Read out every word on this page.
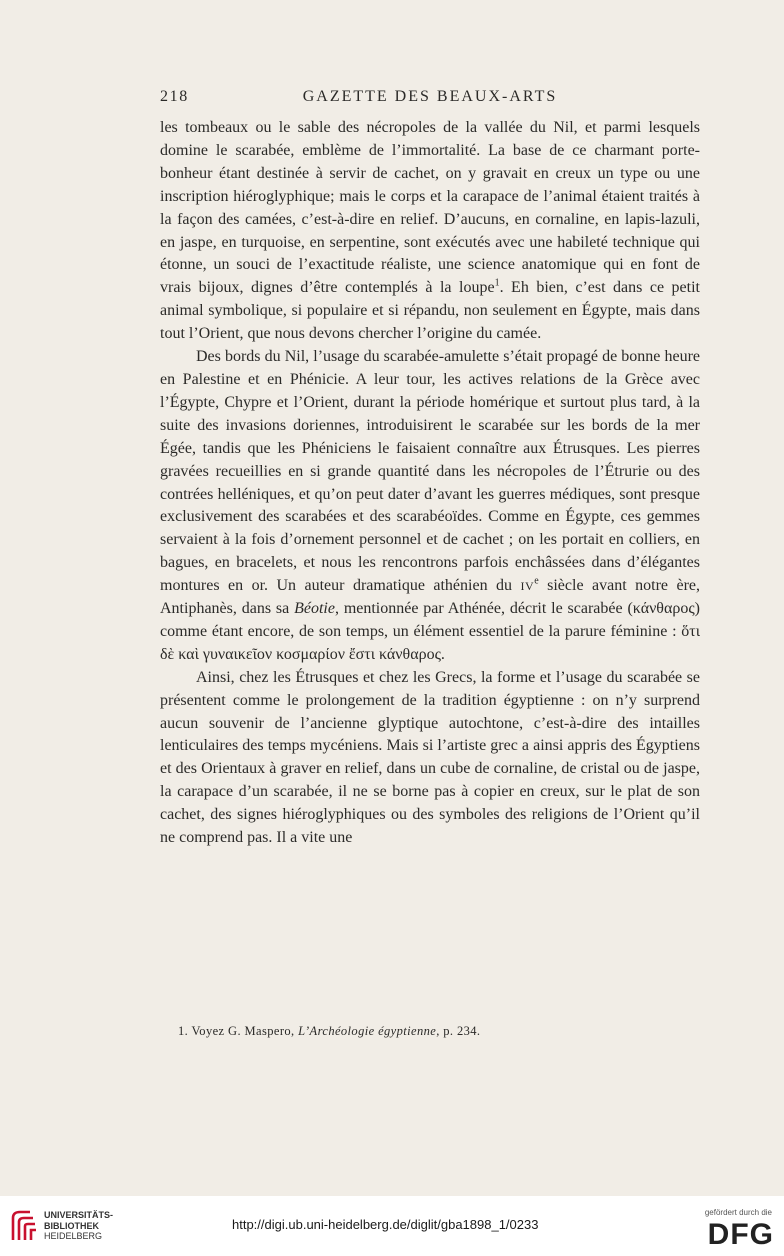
218	GAZETTE DES BEAUX-ARTS

les tombeaux ou le sable des nécropoles de la vallée du Nil, et parmi lesquels domine le scarabée, emblème de l’immortalité. La base de ce charmant porte-bonheur étant destinée à servir de cachet, on y gravait en creux un type ou une inscription hiéroglyphique; mais le corps et la carapace de l’animal étaient traités à la façon des camées, c’est-à-dire en relief. D’aucuns, en cornaline, en lapis-lazuli, en jaspe, en turquoise, en serpentine, sont exécutés avec une habileté technique qui étonne, un souci de l’exactitude réaliste, une science anatomique qui en font de vrais bijoux, dignes d’être contemplés à la loupe$^1$. Eh bien, c’est dans ce petit animal symbolique, si populaire et si répandu, non seulement en Égypte, mais dans tout l’Orient, que nous devons chercher l’origine du camée.

Des bords du Nil, l’usage du scarabée-amulette s’était propagé de bonne heure en Palestine et en Phénicie. A leur tour, les actives relations de la Grèce avec l’Égypte, Chypre et l’Orient, durant la période homérique et surtout plus tard, à la suite des invasions doriennes, introduisirent le scarabée sur les bords de la mer Égée, tandis que les Phéniciens le faisaient connaître aux Étrusques. Les pierres gravées recueillies en si grande quantité dans les nécropoles de l’Étrurie ou des contrées helléniques, et qu’on peut dater d’avant les guerres médiques, sont presque exclusivement des scarabées et des scarabéoïdes. Comme en Égypte, ces gemmes servaient à la fois d’ornement personnel et de cachet ; on les portait en colliers, en bagues, en bracelets, et nous les rencontrons parfois enchâssées dans d’élégantes montures en or. Un auteur dramatique athénien du IVe siècle avant notre ère, Antiphanès, dans sa Béotie, mentionnée par Athénée, décrit le scarabée (κάνθαρος) comme étant encore, de son temps, un élément essentiel de la parure féminine : ὅτι δὲ καὶ γυναικεῖον κοσμαρίον ἔστι κάνθαρος.

Ainsi, chez les Étrusques et chez les Grecs, la forme et l’usage du scarabée se présentent comme le prolongement de la tradition égyptienne : on n’y surprend aucun souvenir de l’ancienne glyptique autochtone, c’est-à-dire des intailles lenticulaires des temps mycéniens. Mais si l’artiste grec a ainsi appris des Égyptiens et des Orientaux à graver en relief, dans un cube de cornaline, de cristal ou de jaspe, la carapace d’un scarabée, il ne se borne pas à copier en creux, sur le plat de son cachet, des signes hiéroglyphiques ou des symboles des religions de l’Orient qu’il ne comprend pas. Il a vite une

1. Voyez G. Maspero, L’Archéologie égyptienne, p. 234.
UNIVERSITÄTS-
BIBLIOTHEK
HEIDELBERG
http://digi.ub.uni-heidelberg.de/diglit/gba1898_1/0233
gefördert durch die
DFG
